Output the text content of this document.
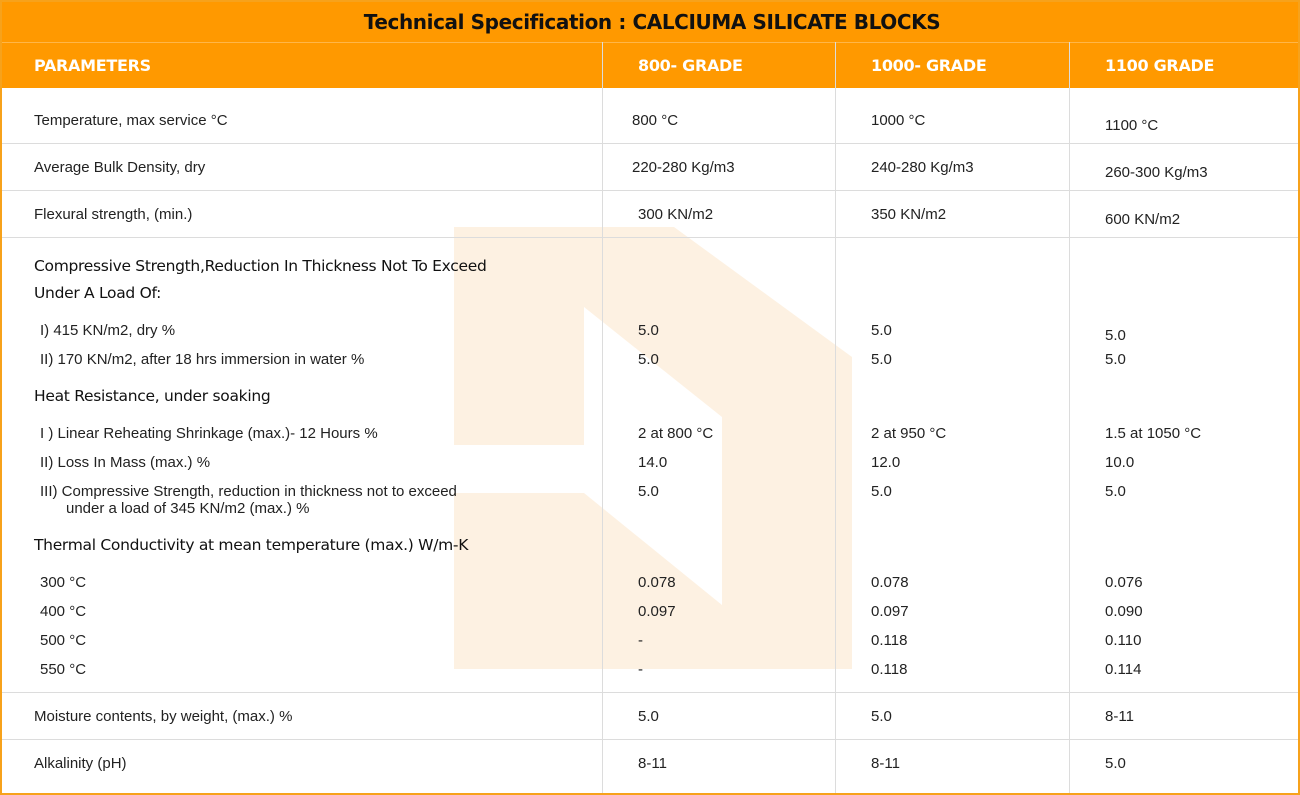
Technical Specification : CALCIUMA SILICATE BLOCKS
PARAMETERS	800- GRADE	1000- GRADE	1100 GRADE
Temperature, max service °C	800 °C	1000 °C	1100 °C
Average Bulk Density, dry	220-280 Kg/m3	240-280 Kg/m3	260-300 Kg/m3
Flexural strength, (min.)	300 KN/m2	350 KN/m2	600 KN/m2
Compressive Strength,Reduction In Thickness Not To Exceed
Under A Load Of:
I) 415 KN/m2, dry %	5.0	5.0	5.0
II) 170 KN/m2, after 18 hrs immersion in water %	5.0	5.0	5.0
Heat Resistance, under soaking
I ) Linear Reheating Shrinkage (max.)- 12 Hours %	2 at 800 °C	2 at 950 °C	1.5 at 1050 °C
II) Loss In Mass (max.) %	14.0	12.0	10.0
III) Compressive Strength, reduction in thickness not to exceed
under a load of 345 KN/m2 (max.) %
5.0	5.0	5.0
Thermal Conductivity at mean temperature (max.) W/m-K
300 °C	0.078	0.078	0.076
400 °C	0.097	0.097	0.090
500 °C	-	0.118	0.110
550 °C	-	0.118	0.114
Moisture contents, by weight, (max.) %	5.0	5.0	8-11
Alkalinity (pH)	8-11	8-11	5.0
